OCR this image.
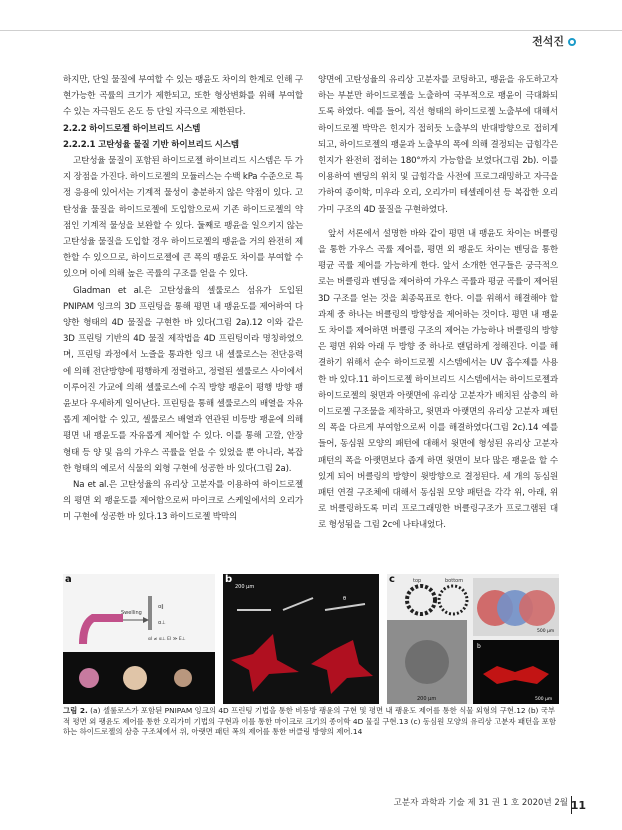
전석진

하지만, 단일 물질에 부여할 수 있는 팽윤도 차이의 한계로 인해 구현가능한 곡률의 크기가 제한되고, 또한 형상변화를 위해 부여할 수 있는 자극원도 온도 등 단일 자극으로 제한된다.

2.2.2 하이드로젤 하이브리드 시스템

2.2.2.1 고탄성율 물질 기반 하이브리드 시스템

고탄성율 물질이 포함된 하이드로젤 하이브리드 시스템은 두 가지 장점을 가진다. 하이드로젤의 모듈러스는 수백 kPa 수준으로 특정 응용에 있어서는 기계적 물성이 충분하지 않은 약점이 있다. 고탄성율 물질을 하이드로젤에 도입함으로써 기존 하이드로젤의 약점인 기계적 물성을 보완할 수 있다. 둘째로 팽윤을 일으키지 않는 고탄성율 물질을 도입할 경우 하이드로젤의 팽윤을 거의 완전히 제한할 수 있으므로, 하이드로젤에 큰 폭의 팽윤도 차이를 부여할 수 있으며 이에 의해 높은 곡률의 구조를 얻을 수 있다.

Gladman et al.은 고탄성율의 셀룰로스 섬유가 도입된 PNIPAM 잉크의 3D 프린팅을 통해 평면 내 팽윤도를 제어하여 다양한 형태의 4D 물질을 구현한 바 있다(그림 2a).12 이와 같은 3D 프린팅 기반의 4D 물질 제작법을 4D 프린팅이라 명칭하였으며, 프린팅 과정에서 노즐을 통과한 잉크 내 셀룰로스는 전단응력에 의해 전단방향에 평행하게 정렬하고, 정렬된 셀룰로스 사이에서 이루어진 가교에 의해 셀룰로스에 수직 방향 팽윤이 평행 방향 팽윤보다 우세하게 일어난다. 프린팅을 통해 셀룰로스의 배열을 자유롭게 제어할 수 있고, 셀룰로스 배열과 연관된 비등방 팽윤에 의해 평면 내 팽윤도를 자유롭게 제어할 수 있다. 이를 통해 고깔, 안장 형태 등 양 및 음의 가우스 곡률을 얻을 수 있었을 뿐 아니라, 복잡한 형태의 예로서 식물의 외형 구현에 성공한 바 있다(그림 2a).

Na et al.은 고탄성율의 유리상 고분자를 이용하여 하이드로젤의 평면 외 팽윤도를 제어함으로써 마이크로 스케일에서의 오리가미 구현에 성공한 바 있다.13 하이드로젤 박막의

양면에 고탄성율의 유리상 고분자를 코팅하고, 팽윤을 유도하고자 하는 부분만 하이드로젤을 노출하여 국부적으로 팽윤이 극대화되도록 하였다. 예를 들어, 직선 형태의 하이드로젤 노출부에 대해서 하이드로젤 박막은 힌지가 접히듯 노출부의 반대방향으로 접히게 되고, 하이드로젤의 팽윤과 노출부의 폭에 의해 결정되는 급힘각은 힌지가 완전히 접히는 180°까지 가능함을 보였다(그림 2b). 이를 이용하여 벤딩의 위치 및 급힘각을 사전에 프로그래밍하고 자극을 가하여 종이학, 미우라 오리, 오리가미 테셀레이션 등 복잡한 오리가미 구조의 4D 물질을 구현하였다.

앞서 서론에서 설명한 바와 같이 평면 내 팽윤도 차이는 버클링을 통한 가우스 곡률 제어를, 평면 외 팽윤도 차이는 벤딩을 통한 평균 곡률 제어를 가능하게 한다. 앞서 소개한 연구들은 궁극적으로는 버클링과 벤딩을 제어하여 가우스 곡률과 평균 곡률이 제어된 3D 구조를 얻는 것을 최종목표로 한다. 이를 위해서 해결해야 할 과제 중 하나는 버클링의 방향성을 제어하는 것이다. 평면 내 팽윤도 차이를 제어하면 버클링 구조의 제어는 가능하나 버클링의 방향은 평면 위와 아래 두 방향 중 하나로 랜덤하게 정해진다. 이를 해결하기 위해서 순수 하이드로젤 시스템에서는 UV 흡수제를 사용한 바 있다.11 하이드로젤 하이브리드 시스템에서는 하이드로젤과 하이드로젤의 윗면과 아랫면에 유리상 고분자가 배치된 삼층의 하이드로젤 구조물을 제작하고, 윗면과 아랫면의 유리상 고분자 패턴의 폭을 다르게 부여함으로써 이를 해결하였다(그림 2c).14 예를 들어, 동심원 모양의 패턴에 대해서 윗면에 형성된 유리상 고분자 패턴의 폭을 아랫면보다 좁게 하면 윗면이 보다 많은 팽윤을 할 수 있게 되어 버클링의 방향이 윗방향으로 결정된다. 세 개의 동심원 패턴 연결 구조체에 대해서 동심원 모양 패턴을 각각 위, 아래, 위로 버클링하도록 미리 프로그래밍한 버클링구조가 프로그램된 대로 형성됨을 그림 2c에 나타내었다.

a
Swelling
α∥
α⊥
αl ≠ α⊥ El ≫ E⊥
b
200 μm
θ
c	top	bottom
200 μm
500 μm
b
500 μm
그림 2. (a) 셀룰로스가 포함된 PNIPAM 잉크의 4D 프린팅 기법을 통한 비등방 팽윤의 구현 및 평면 내 팽윤도 제어를 통한 식물 외형의 구현.12 (b) 국부적 평면 외 팽윤도 제어를 통한 오리가미 기법의 구현과 이를 통한 마이크로 크기의 종이학 4D 물질 구현.13 (c) 동심원 모양의 유리상 고분자 패턴을 포함하는 하이드로젤의 삼층 구조체에서 위, 아랫면 패턴 폭의 제어를 통한 버클링 방향의 제어.14
고분자 과학과 기술 제 31 권 1 호 2020년 2월 11
